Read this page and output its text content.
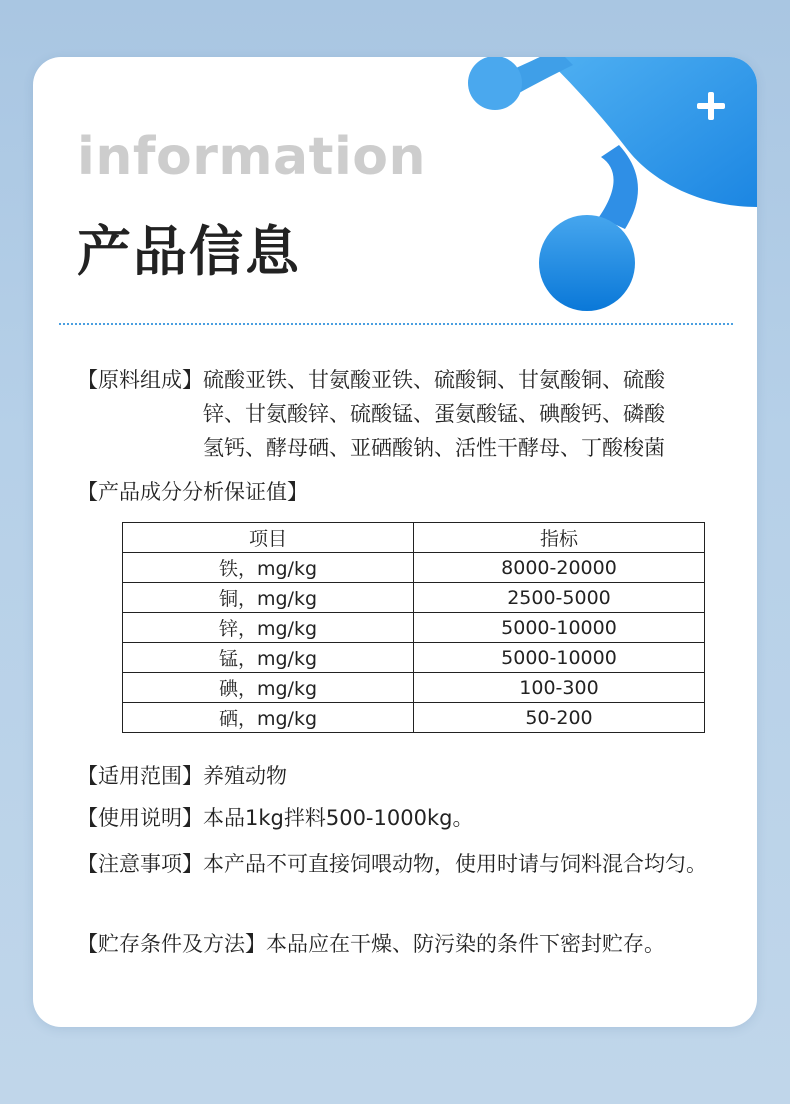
information
产品信息
【原料组成】 硫酸亚铁、甘氨酸亚铁、硫酸铜、甘氨酸铜、硫酸
锌、甘氨酸锌、硫酸锰、蛋氨酸锰、碘酸钙、磷酸
氢钙、酵母硒、亚硒酸钠、活性干酵母、丁酸梭菌
【产品成分分析保证值】
项目	指标
铁，mg/kg	8000-20000
铜，mg/kg	2500-5000
锌，mg/kg	5000-10000
锰，mg/kg	5000-10000
碘，mg/kg	100-300
硒，mg/kg	50-200
【适用范围】养殖动物
【使用说明】本品1kg拌料500-1000kg。
【注意事项】 本产品不可直接饲喂动物，使用时请与饲料混合均匀。
【贮存条件及方法】本品应在干燥、防污染的条件下密封贮存。
